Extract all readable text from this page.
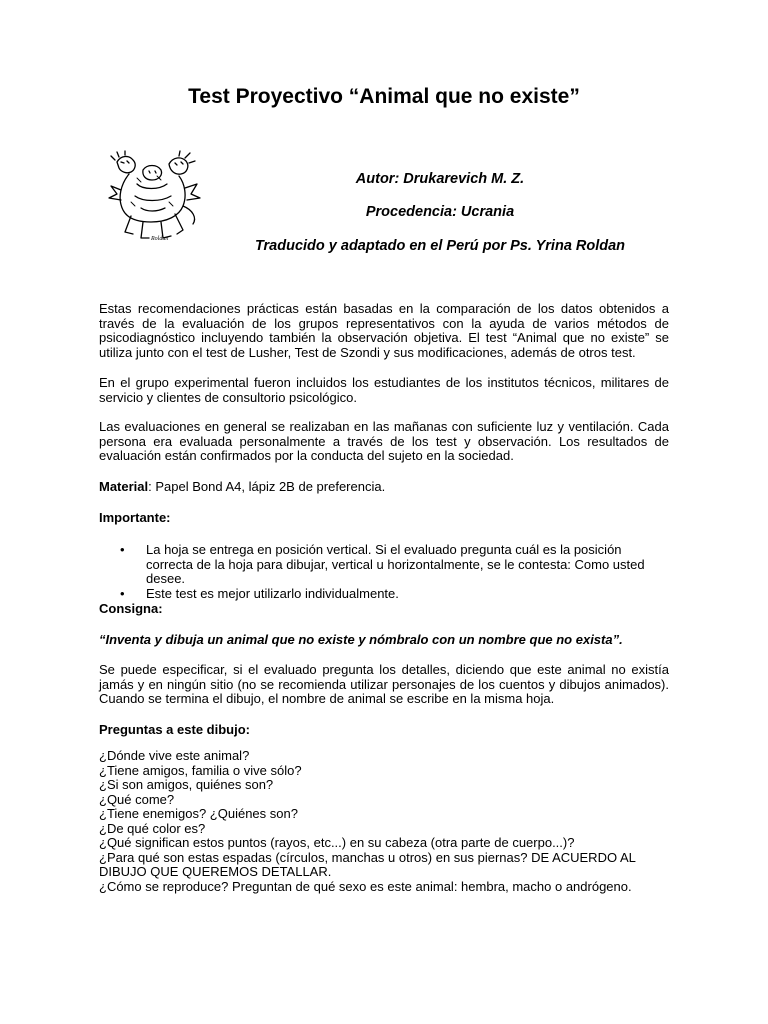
Test Proyectivo “Animal que no existe”
Roldan

Autor: Drukarevich M. Z.

Procedencia: Ucrania

Traducido y adaptado en el Perú por Ps. Yrina Roldan

Estas recomendaciones prácticas están basadas en la comparación de los datos obtenidos a través de la evaluación de los grupos representativos con la ayuda de varios métodos de psicodiagnóstico incluyendo también la observación objetiva. El test “Animal que no existe” se utiliza junto con el test de Lusher, Test de Szondi y sus modificaciones, además de otros test.

En el grupo experimental fueron incluidos los estudiantes de los institutos técnicos, militares de servicio y clientes de consultorio psicológico.

Las evaluaciones en general se realizaban en las mañanas con suficiente luz y ventilación. Cada persona era evaluada personalmente a través de los test y observación. Los resultados de evaluación están confirmados por la conducta del sujeto en la sociedad.

Material: Papel Bond A4, lápiz 2B de preferencia.

Importante:

• La hoja se entrega en posición vertical. Si el evaluado pregunta cuál es la posición correcta de la hoja para dibujar, vertical u horizontalmente, se le contesta: Como usted desee.
• Este test es mejor utilizarlo individualmente.

Consigna:

“Inventa y dibuja un animal que no existe y nómbralo con un nombre que no exista”.

Se puede especificar, si el evaluado pregunta los detalles, diciendo que este animal no existía jamás y en ningún sitio (no se recomienda utilizar personajes de los cuentos y dibujos animados). Cuando se termina el dibujo, el nombre de animal se escribe en la misma hoja.

Preguntas a este dibujo:

¿Dónde vive este animal?
¿Tiene amigos, familia o vive sólo?
¿Si son amigos, quiénes son?
¿Qué come?
¿Tiene enemigos? ¿Quiénes son?
¿De qué color es?
¿Qué significan estos puntos (rayos, etc...) en su cabeza (otra parte de cuerpo...)?
¿Para qué son estas espadas (círculos, manchas u otros) en sus piernas? DE ACUERDO AL DIBUJO QUE QUEREMOS DETALLAR.
¿Cómo se reproduce? Preguntan de qué sexo es este animal: hembra, macho o andrógeno.
